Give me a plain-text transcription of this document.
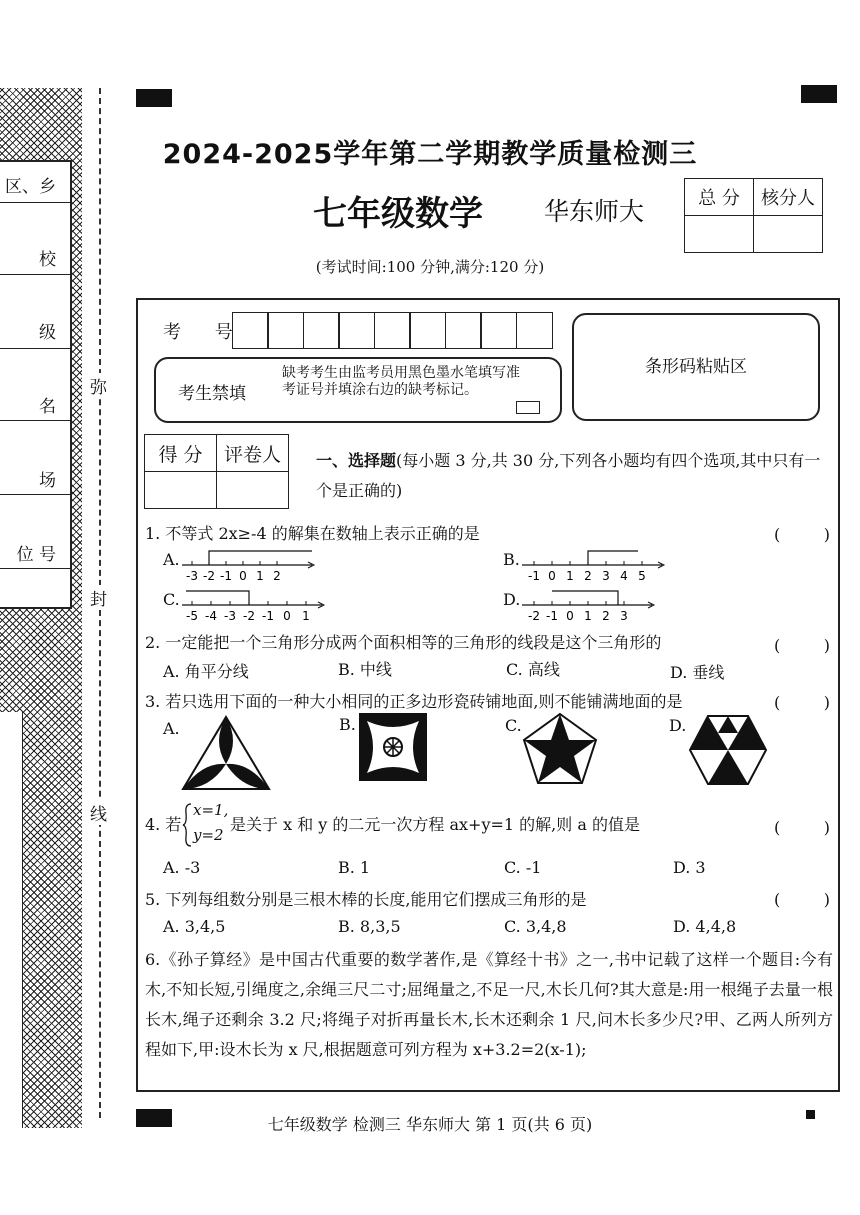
区、乡
校
级
名
场
位 号
弥
封
线
2024-2025学年第二学期教学质量检测三
七年级数学 华东师大	总 分	核分人

(考试时间:100 分钟,满分:120 分)
考 号
条形码粘贴区
考生禁填
缺考考生由监考员用黑色墨水笔填写准考证号并填涂右边的缺考标记。
得 分	评卷人
	一、选择题(每小题 3 分,共 30 分,下列各小题均有四个选项,其中只有一个是正确的)
1. 不等式 2x≥-4 的解集在数轴上表示正确的是	(	)
A.
-3 -2 -1 0 1 2
B.
-1 0 1 2 3 4 5
C.
-5 -4 -3 -2 -1 0 1
D.
-2 -1 0 1 2 3
2. 一定能把一个三角形分成两个面积相等的三角形的线段是这个三角形的	(	)
A. 角平分线	B. 中线	C. 高线	D. 垂线
3. 若只选用下面的一种大小相同的正多边形瓷砖铺地面,则不能铺满地面的是	(	)
A.	B.	C.	D.
4. 若
x=1,
y=2
是关于 x 和 y 的二元一次方程 ax+y=1 的解,则 a 的值是	(	)
A. -3	B. 1	C. -1	D. 3
5. 下列每组数分别是三根木棒的长度,能用它们摆成三角形的是	(	)
A. 3,4,5	B. 8,3,5	C. 3,4,8	D. 4,4,8
6.《孙子算经》是中国古代重要的数学著作,是《算经十书》之一,书中记载了这样一个题目:今有木,不知长短,引绳度之,余绳三尺二寸;屈绳量之,不足一尺,木长几何?其大意是:用一根绳子去量一根长木,绳子还剩余 3.2 尺;将绳子对折再量长木,长木还剩余 1 尺,问木长多少尺?甲、乙两人所列方程如下,甲:设木长为 x 尺,根据题意可列方程为 x+3.2=2(x-1);
七年级数学 检测三 华东师大 第 1 页(共 6 页)
